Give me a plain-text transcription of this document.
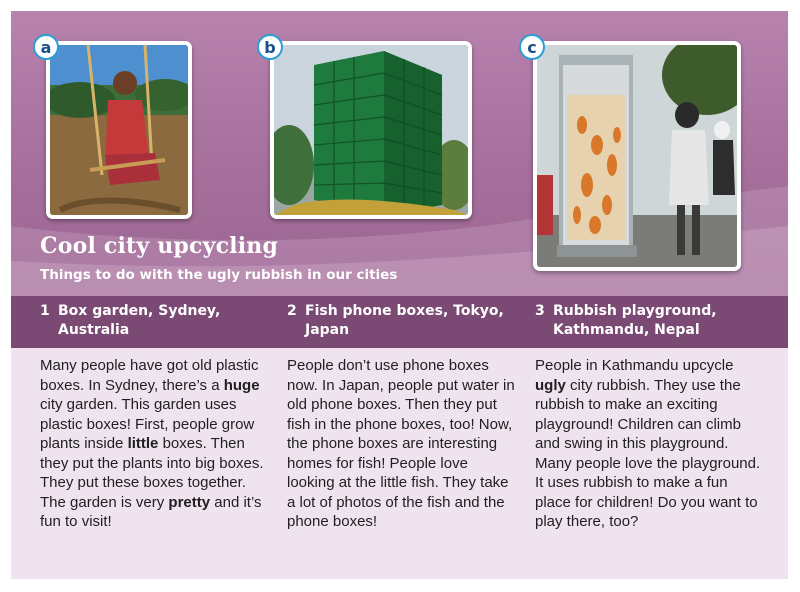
a	b	c
Cool city upcycling
Things to do with the ugly rubbish in our cities
1 Box garden, Sydney,
Australia
2 Fish phone boxes, Tokyo,
Japan
3 Rubbish playground,
Kathmandu, Nepal

Many people have got old plastic boxes. In Sydney, there’s a huge city garden. This garden uses plastic boxes! First, people grow plants inside little boxes. Then they put the plants into big boxes. They put these boxes together. The garden is very pretty and it’s fun to visit!

People don’t use phone boxes now. In Japan, people put water in old phone boxes. Then they put fish in the phone boxes, too! Now, the phone boxes are interesting homes for fish! People love looking at the little fish. They take a lot of photos of the fish and the phone boxes!

People in Kathmandu upcycle ugly city rubbish. They use the rubbish to make an exciting playground! Children can climb and swing in this playground. Many people love the playground. It uses rubbish to make a fun place for children! Do you want to play there, too?
